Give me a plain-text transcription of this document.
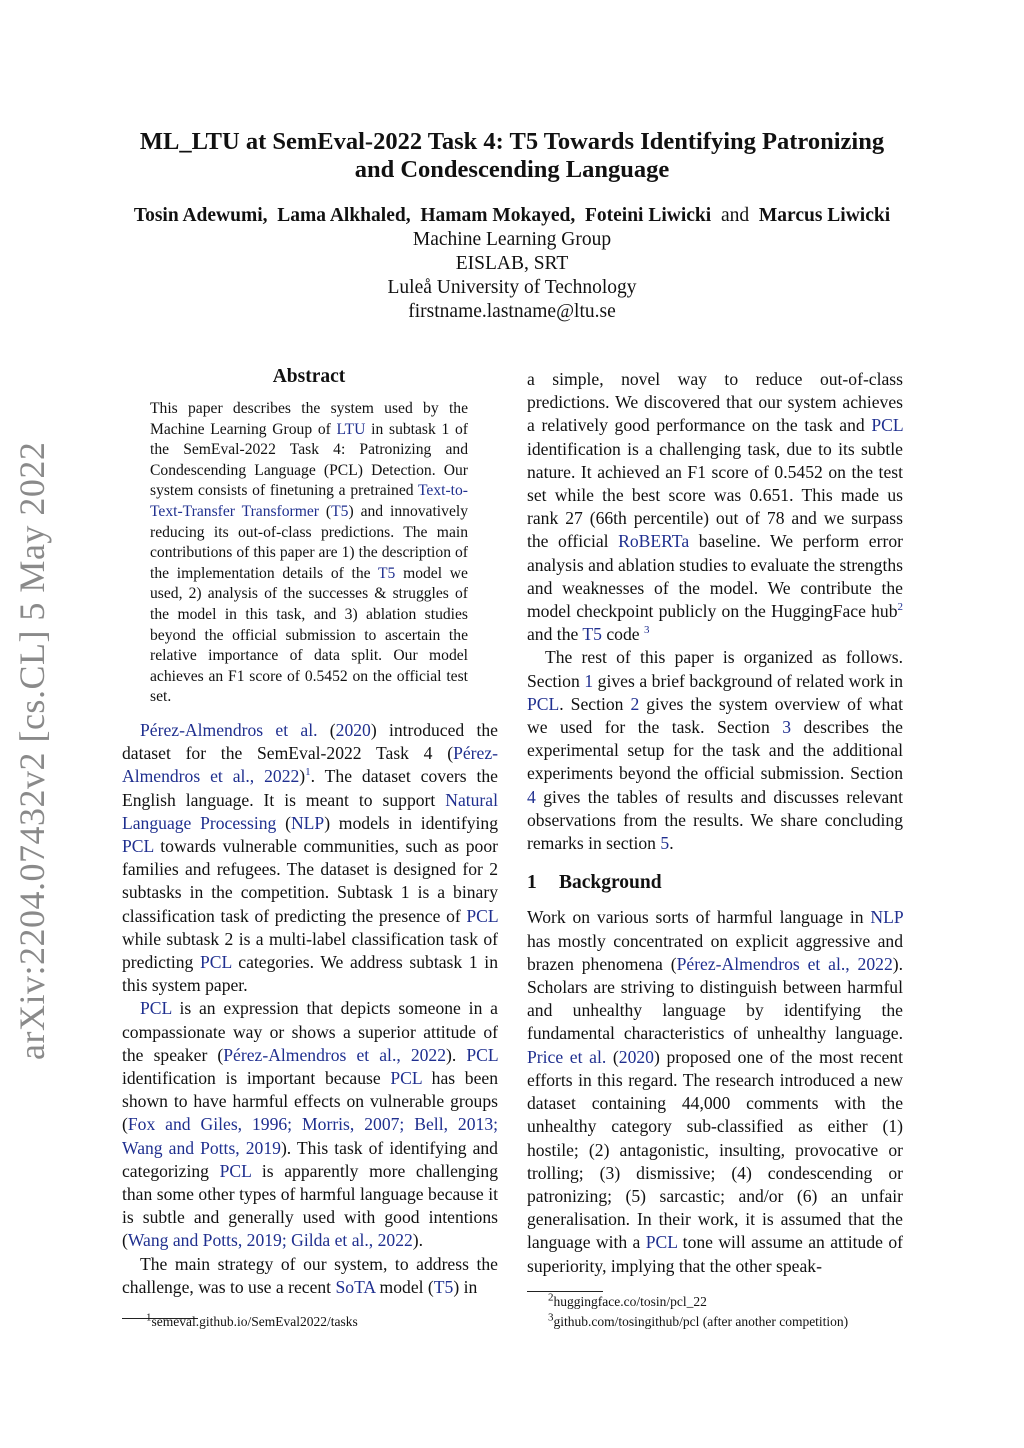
arXiv:2204.07432v2 [cs.CL] 5 May 2022
ML_LTU at SemEval-2022 Task 4: T5 Towards Identifying Patronizing
and Condescending Language
Tosin Adewumi, Lama Alkhaled, Hamam Mokayed, Foteini Liwicki and Marcus Liwicki
Machine Learning Group
EISLAB, SRT
Luleå University of Technology
firstname.lastname@ltu.se
Abstract
This paper describes the system used by the Machine Learning Group of LTU in subtask 1 of the SemEval-2022 Task 4: Patronizing and Condescending Language (PCL) Detection. Our system consists of finetuning a pretrained Text-to-Text-Transfer Transformer (T5) and innovatively reducing its out-of-class predictions. The main contributions of this paper are 1) the description of the implementation details of the T5 model we used, 2) analysis of the successes & struggles of the model in this task, and 3) ablation studies beyond the official submission to ascertain the relative importance of data split. Our model achieves an F1 score of 0.5452 on the official test set.

Pérez-Almendros et al. (2020) introduced the dataset for the SemEval-2022 Task 4 (Pérez-Almendros et al., 2022)$^1$. The dataset covers the English language. It is meant to support Natural Language Processing (NLP) models in identifying PCL towards vulnerable communities, such as poor families and refugees. The dataset is designed for 2 subtasks in the competition. Subtask 1 is a binary classification task of predicting the presence of PCL while subtask 2 is a multi-label classification task of predicting PCL categories. We address subtask 1 in this system paper.

PCL is an expression that depicts someone in a compassionate way or shows a superior attitude of the speaker (Pérez-Almendros et al., 2022). PCL identification is important because PCL has been shown to have harmful effects on vulnerable groups (Fox and Giles, 1996; Morris, 2007; Bell, 2013; Wang and Potts, 2019). This task of identifying and categorizing PCL is apparently more challenging than some other types of harmful language because it is subtle and generally used with good intentions (Wang and Potts, 2019; Gilda et al., 2022).

The main strategy of our system, to address the challenge, was to use a recent SoTA model (T5) in

$^1$semeval.github.io/SemEval2022/tasks

a simple, novel way to reduce out-of-class predictions. We discovered that our system achieves a relatively good performance on the task and PCL identification is a challenging task, due to its subtle nature. It achieved an F1 score of 0.5452 on the test set while the best score was 0.651. This made us rank 27 (66th percentile) out of 78 and we surpass the official RoBERTa baseline. We perform error analysis and ablation studies to evaluate the strengths and weaknesses of the model. We contribute the model checkpoint publicly on the HuggingFace hub$^2$ and the T5 code $^3$

The rest of this paper is organized as follows. Section 1 gives a brief background of related work in PCL. Section 2 gives the system overview of what we used for the task. Section 3 describes the experimental setup for the task and the additional experiments beyond the official submission. Section 4 gives the tables of results and discusses relevant observations from the results. We share concluding remarks in section 5.

1 Background

Work on various sorts of harmful language in NLP has mostly concentrated on explicit aggressive and brazen phenomena (Pérez-Almendros et al., 2022). Scholars are striving to distinguish between harmful and unhealthy language by identifying the fundamental characteristics of unhealthy language. Price et al. (2020) proposed one of the most recent efforts in this regard. The research introduced a new dataset containing 44,000 comments with the unhealthy category sub-classified as either (1) hostile; (2) antagonistic, insulting, provocative or trolling; (3) dismissive; (4) condescending or patronizing; (5) sarcastic; and/or (6) an unfair generalisation. In their work, it is assumed that the language with a PCL tone will assume an attitude of superiority, implying that the other speak-

$^2$huggingface.co/tosin/pcl_22
$^3$github.com/tosingithub/pcl (after another competition)
